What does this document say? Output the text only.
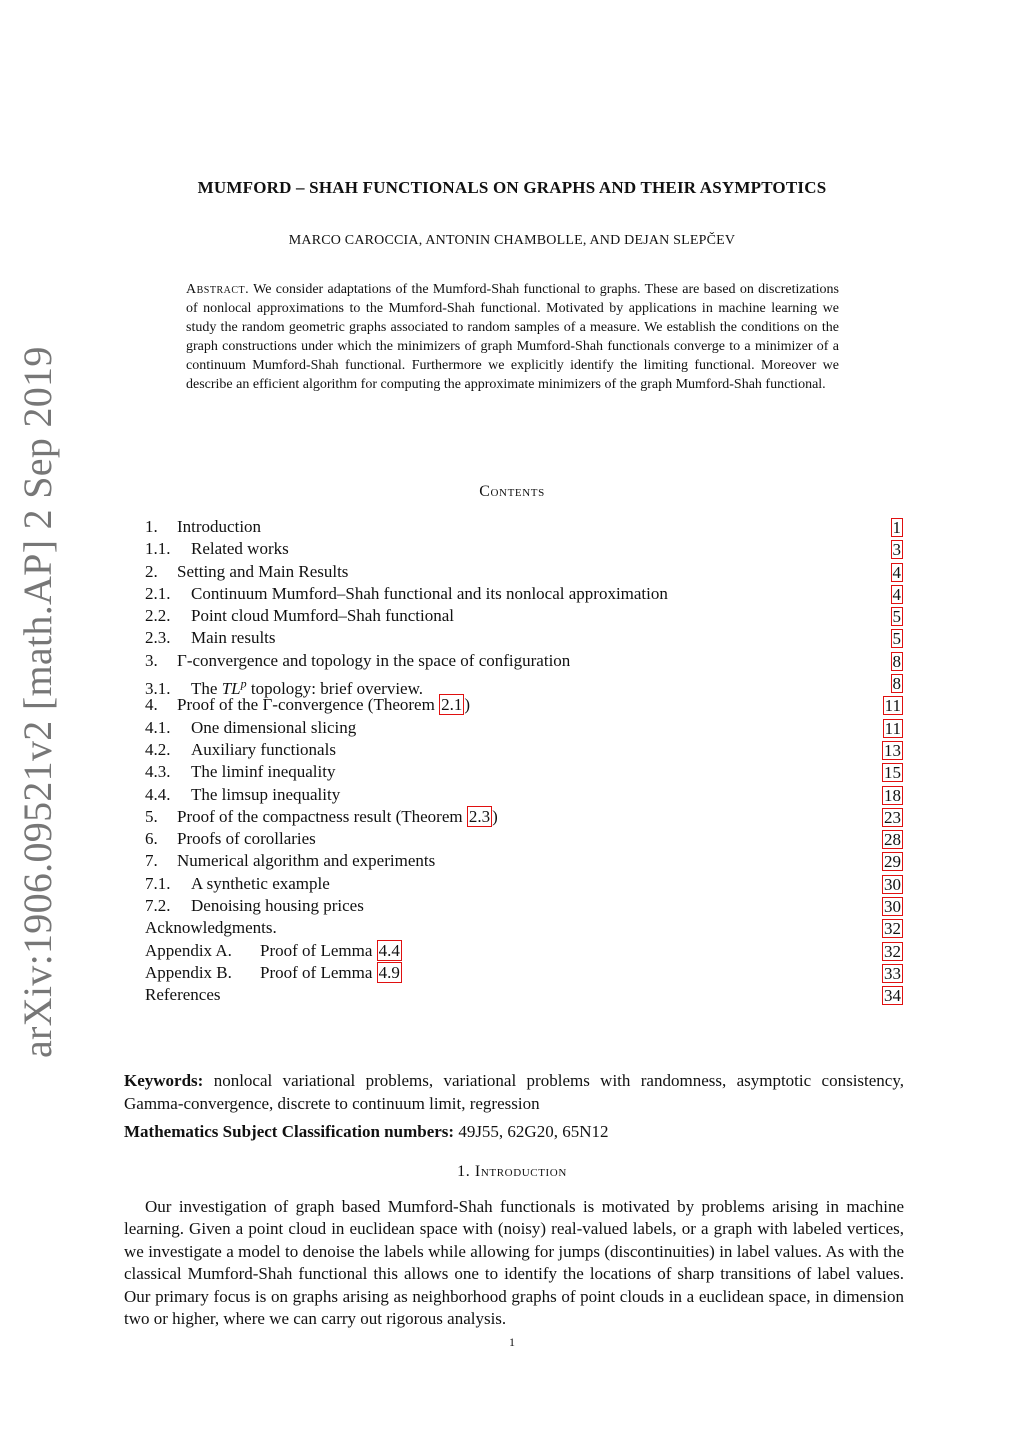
arXiv:1906.09521v2 [math.AP] 2 Sep 2019
MUMFORD – SHAH FUNCTIONALS ON GRAPHS AND THEIR ASYMPTOTICS
MARCO CAROCCIA, ANTONIN CHAMBOLLE, AND DEJAN SLEPČEV
Abstract. We consider adaptations of the Mumford-Shah functional to graphs. These are based on discretizations of nonlocal approximations to the Mumford-Shah functional. Motivated by applications in machine learning we study the random geometric graphs associated to random samples of a measure. We establish the conditions on the graph constructions under which the minimizers of graph Mumford-Shah functionals converge to a minimizer of a continuum Mumford-Shah functional. Furthermore we explicitly identify the limiting functional. Moreover we describe an efficient algorithm for computing the approximate minimizers of the graph Mumford-Shah functional.
Contents
1. Introduction	1
1.1. Related works	3
2. Setting and Main Results	4
2.1. Continuum Mumford–Shah functional and its nonlocal approximation	4
2.2. Point cloud Mumford–Shah functional	5
2.3. Main results	5
3. Γ-convergence and topology in the space of configuration	8
3.1. The $TL^p$ topology: brief overview.	8
4. Proof of the Γ-convergence (Theorem 2.1 )	11
4.1. One dimensional slicing	11
4.2. Auxiliary functionals	13
4.3. The liminf inequality	15
4.4. The limsup inequality	18
5. Proof of the compactness result (Theorem 2.3 )	23
6. Proofs of corollaries	28
7. Numerical algorithm and experiments	29
7.1. A synthetic example	30
7.2. Denoising housing prices	30
Acknowledgments.	32
Appendix A. Proof of Lemma 4.4	32
Appendix B. Proof of Lemma 4.9	33
References	34
Keywords: nonlocal variational problems, variational problems with randomness, asymptotic consistency, Gamma-convergence, discrete to continuum limit, regression
Mathematics Subject Classification numbers: 49J55, 62G20, 65N12
1. Introduction
Our investigation of graph based Mumford-Shah functionals is motivated by problems arising in machine learning. Given a point cloud in euclidean space with (noisy) real-valued labels, or a graph with labeled vertices, we investigate a model to denoise the labels while allowing for jumps (discontinuities) in label values. As with the classical Mumford-Shah functional this allows one to identify the locations of sharp transitions of label values. Our primary focus is on graphs arising as neighborhood graphs of point clouds in a euclidean space, in dimension two or higher, where we can carry out rigorous analysis.
1
